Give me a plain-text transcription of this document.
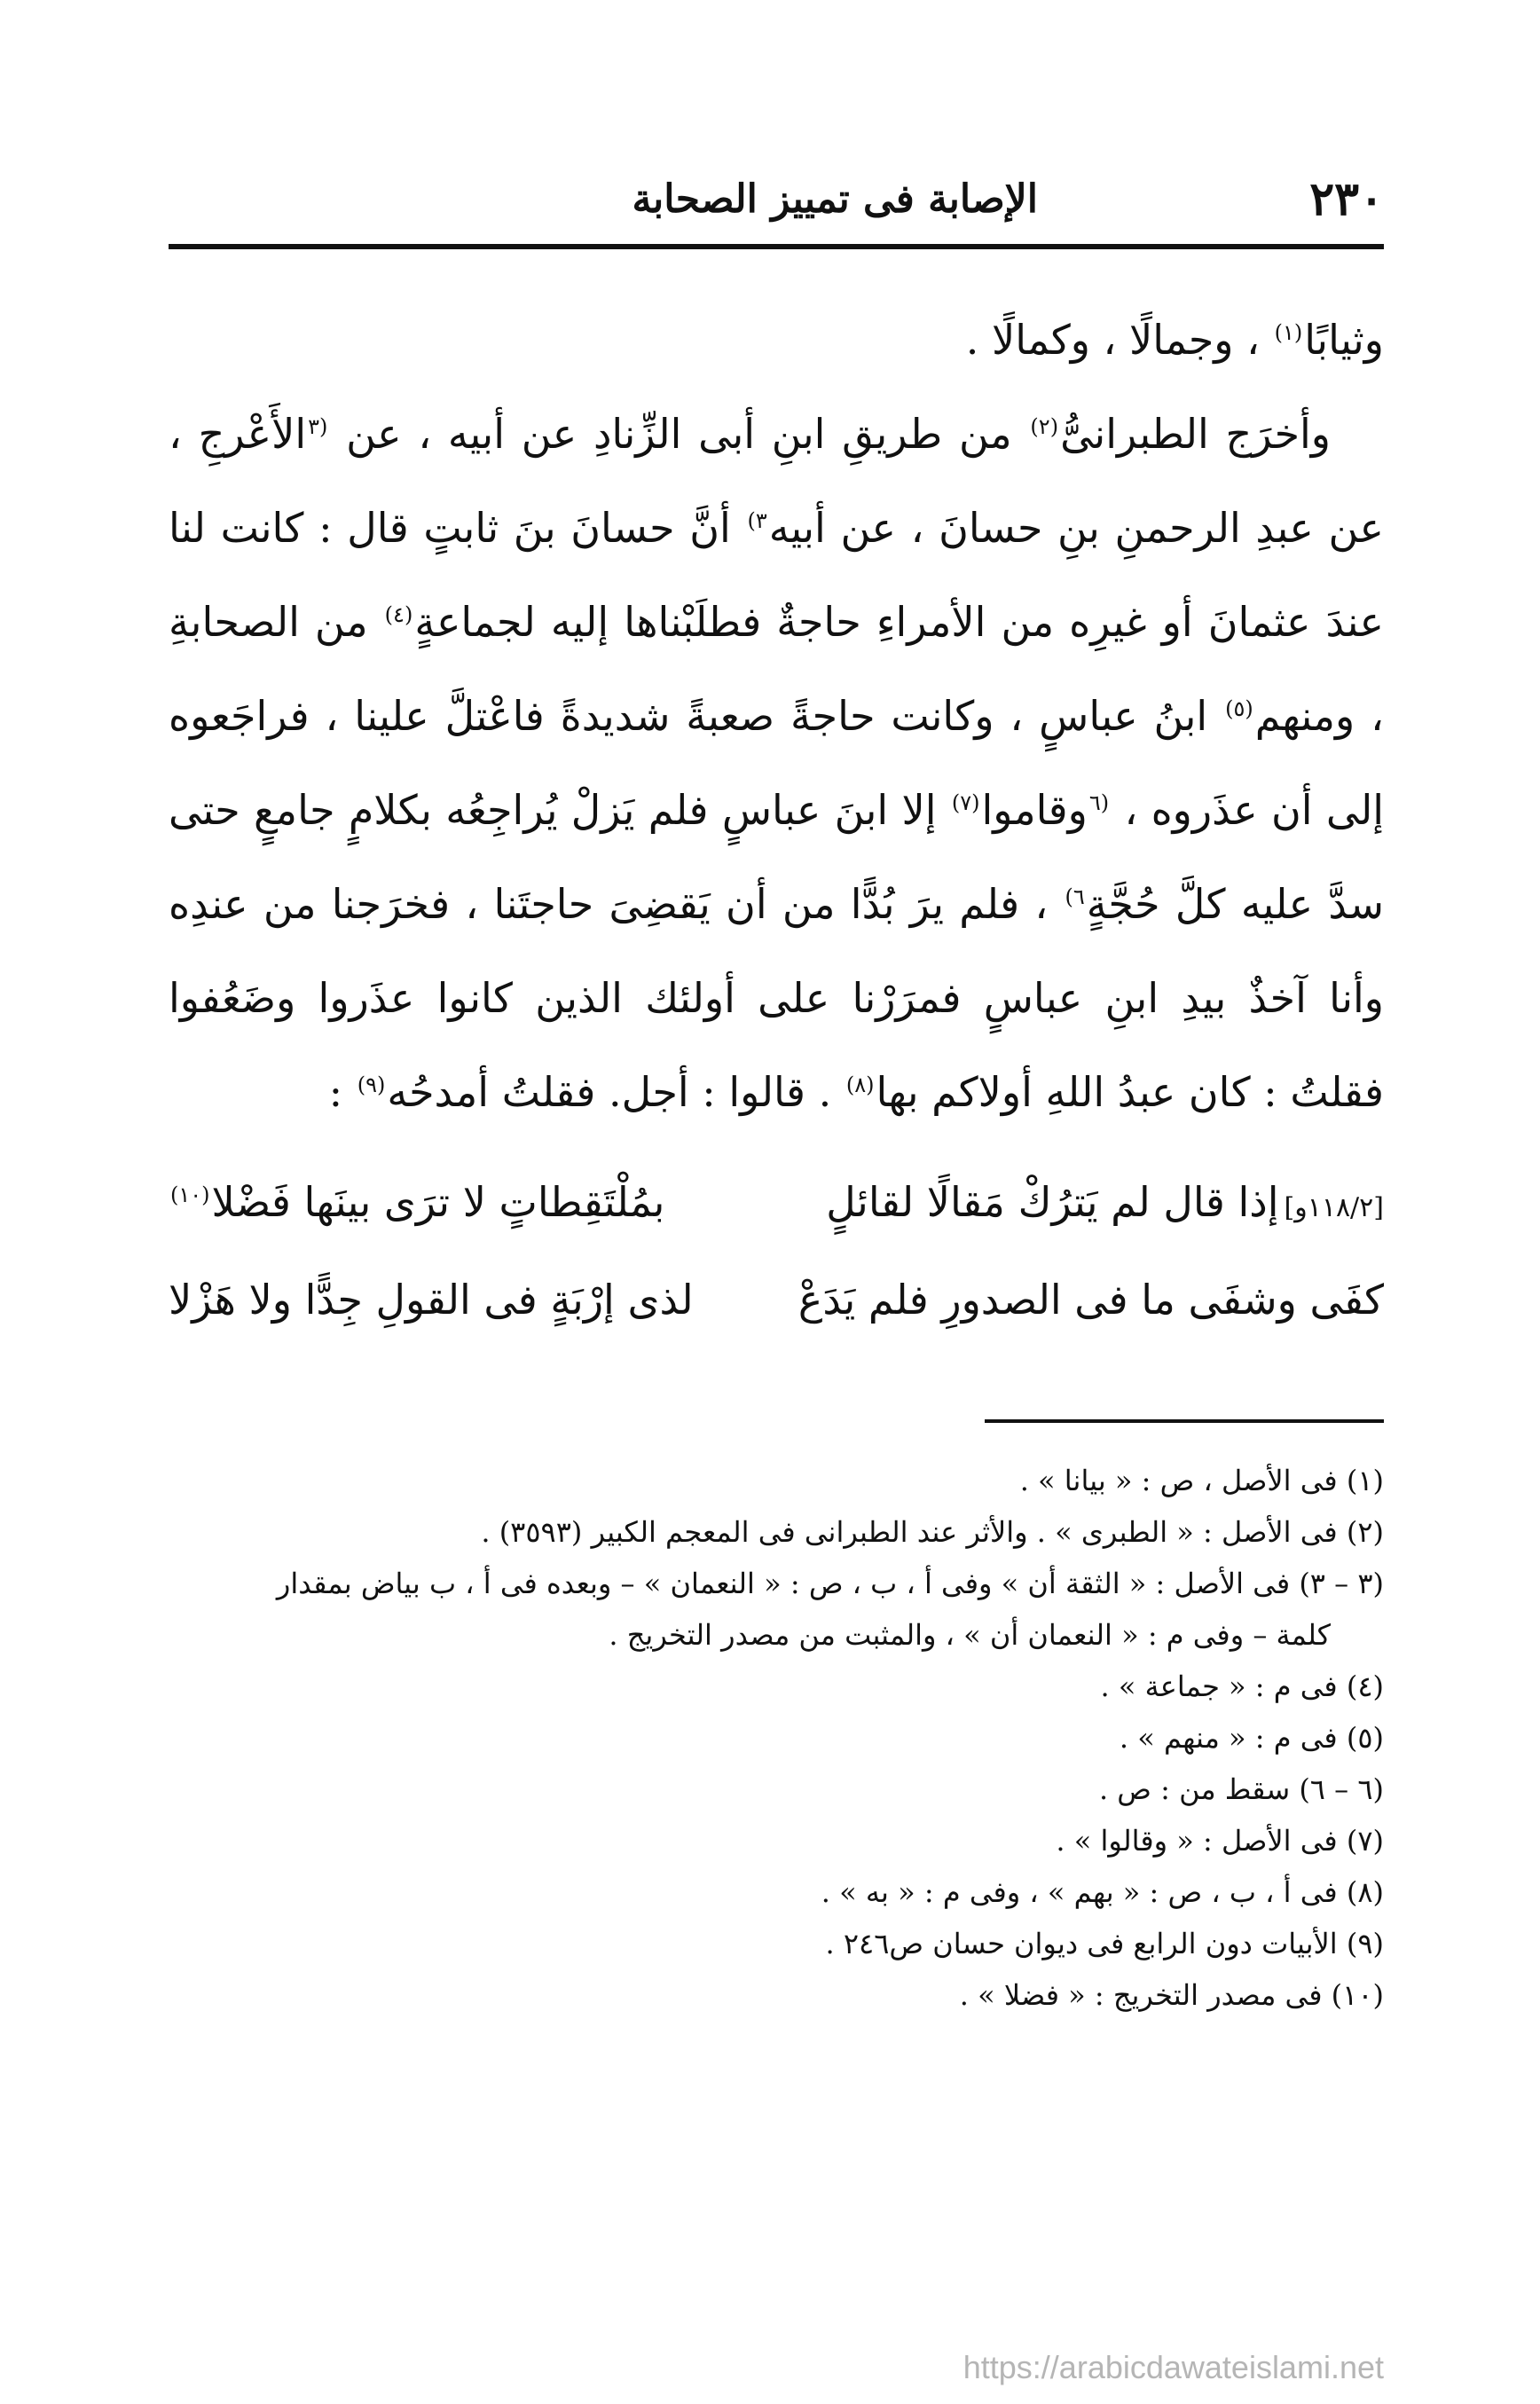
٢٣٠
الإصابة فى تمييز الصحابة

وثيابًا$^{(١)}$ ، وجمالًا ، وكمالًا .

وأخرَج الطبرانىُّ$^{(٢)}$ من طريقِ ابنِ أبى الزِّنادِ عن أبيه ، عن $^{(٣}$الأَعْرجِ ، عن عبدِ الرحمنِ بنِ حسانَ ، عن أبيه$^{٣)}$ أنَّ حسانَ بنَ ثابتٍ قال : كانت لنا عندَ عثمانَ أو غيرِه من الأمراءِ حاجةٌ فطلَبْناها إليه لجماعةٍ$^{(٤)}$ من الصحابةِ ، ومنهم$^{(٥)}$ ابنُ عباسٍ ، وكانت حاجةً صعبةً شديدةً فاعْتلَّ علينا ، فراجَعوه إلى أن عذَروه ، $^{(٦}$وقاموا$^{(٧)}$ إلا ابنَ عباسٍ فلم يَزلْ يُراجِعُه بكلامٍ جامعٍ حتى سدَّ عليه كلَّ حُجَّةٍ$^{٦)}$ ، فلم يرَ بُدًّا من أن يَقضِىَ حاجتَنا ، فخرَجنا من عندِه وأنا آخذٌ بيدِ ابنِ عباسٍ فمرَرْنا على أولئك الذين كانوا عذَروا وضَعُفوا فقلتُ : كان عبدُ اللهِ أولاكم بها$^{(٨)}$ . قالوا : أجل. فقلتُ أمدحُه$^{(٩)}$ :

[١١٨/٢و]إذا قال لم يَترُكْ مَقالًا لقائلٍ
بمُلْتَقِطاتٍ لا ترَى بينَها فَضْلا$^{(١٠)}$
كفَى وشفَى ما فى الصدورِ فلم يَدَعْ
لذى إرْبَةٍ فى القولِ جِدًّا ولا هَزْلا

(١) فى الأصل ، ص : « بيانا » .

(٢) فى الأصل : « الطبرى » . والأثر عند الطبرانى فى المعجم الكبير (٣٥٩٣) .

(٣ – ٣) فى الأصل : « الثقة أن » وفى أ ، ب ، ص : « النعمان » – وبعده فى أ ، ب بياض بمقدار
كلمة – وفى م : « النعمان أن » ، والمثبت من مصدر التخريج .

(٤) فى م : « جماعة » .

(٥) فى م : « منهم » .

(٦ – ٦) سقط من : ص .

(٧) فى الأصل : « وقالوا » .

(٨) فى أ ، ب ، ص : « بهم » ، وفى م : « به » .

(٩) الأبيات دون الرابع فى ديوان حسان ص٢٤٦ .

(١٠) فى مصدر التخريج : « فضلا » .

https://arabicdawateislami.net
